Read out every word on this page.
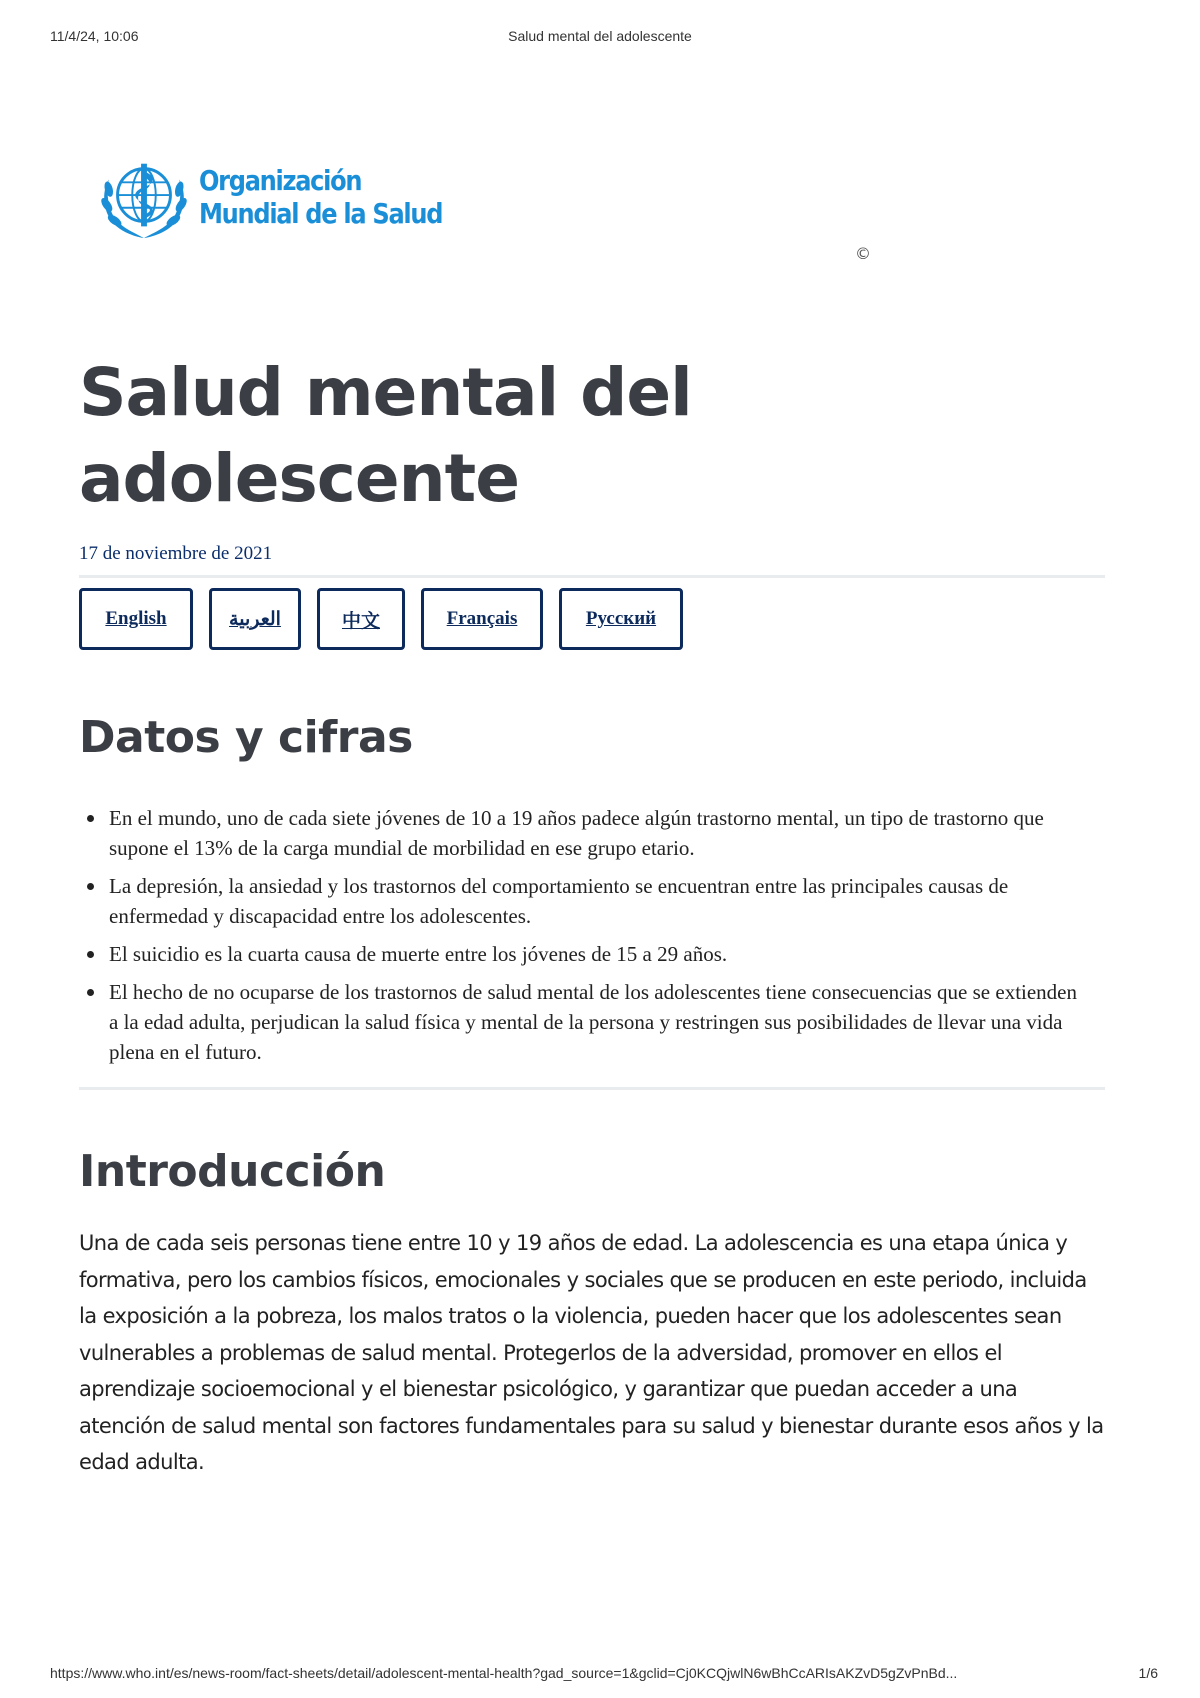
11/4/24, 10:06	Salud mental del adolescente
Organización
Mundial de la Salud
©
Salud mental del adolescente
17 de noviembre de 2021
English	العربية	中文	Français	Русский
Datos y cifras
En el mundo, uno de cada siete jóvenes de 10 a 19 años padece algún trastorno mental, un tipo de trastorno que supone el 13% de la carga mundial de morbilidad en ese grupo etario.
La depresión, la ansiedad y los trastornos del comportamiento se encuentran entre las principales causas de enfermedad y discapacidad entre los adolescentes.
El suicidio es la cuarta causa de muerte entre los jóvenes de 15 a 29 años.
El hecho de no ocuparse de los trastornos de salud mental de los adolescentes tiene consecuencias que se extienden a la edad adulta, perjudican la salud física y mental de la persona y restringen sus posibilidades de llevar una vida plena en el futuro.
Introducción

Una de cada seis personas tiene entre 10 y 19 años de edad. La adolescencia es una etapa única y formativa, pero los cambios físicos, emocionales y sociales que se producen en este periodo, incluida la exposición a la pobreza, los malos tratos o la violencia, pueden hacer que los adolescentes sean vulnerables a problemas de salud mental. Protegerlos de la adversidad, promover en ellos el aprendizaje socioemocional y el bienestar psicológico, y garantizar que puedan acceder a una atención de salud mental son factores fundamentales para su salud y bienestar durante esos años y la edad adulta.

https://www.who.int/es/news-room/fact-sheets/detail/adolescent-mental-health?gad_source=1&gclid=Cj0KCQjwlN6wBhCcARIsAKZvD5gZvPnBd...	1/6
